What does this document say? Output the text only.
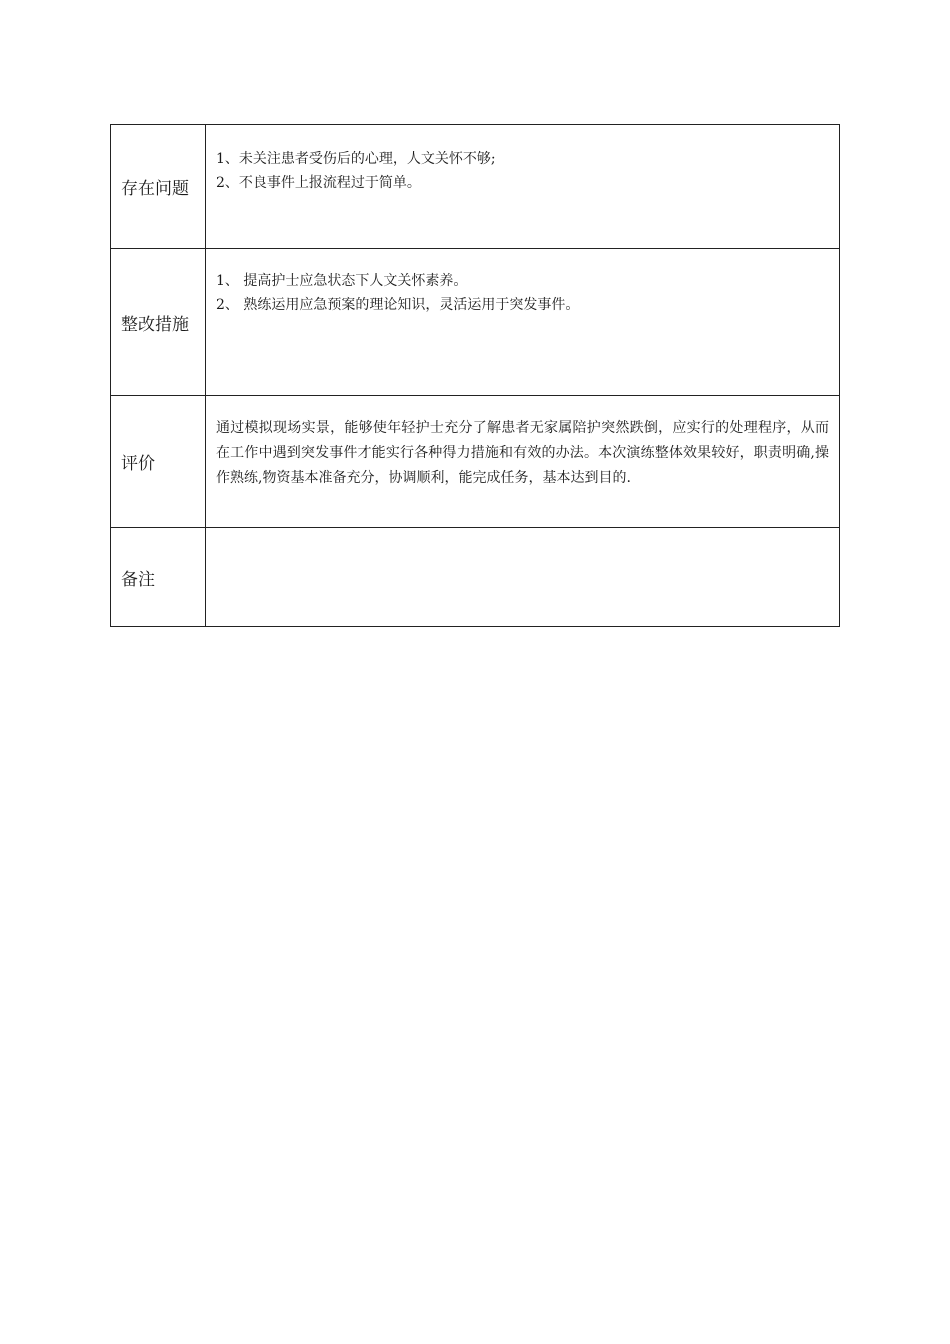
存在问题	1、未关注患者受伤后的心理，人文关怀不够;
2、不良事件上报流程过于简单。

整改措施	1、 提高护士应急状态下人文关怀素养。
2、 熟练运用应急预案的理论知识，灵活运用于突发事件。

评价	通过模拟现场实景，能够使年轻护士充分了解患者无家属陪护突然跌倒，应实行的处理程序，从而在工作中遇到突发事件才能实行各种得力措施和有效的办法。本次演练整体效果较好，职责明确,操作熟练,物资基本准备充分，协调顺利，能完成任务，基本达到目的.

备注	
